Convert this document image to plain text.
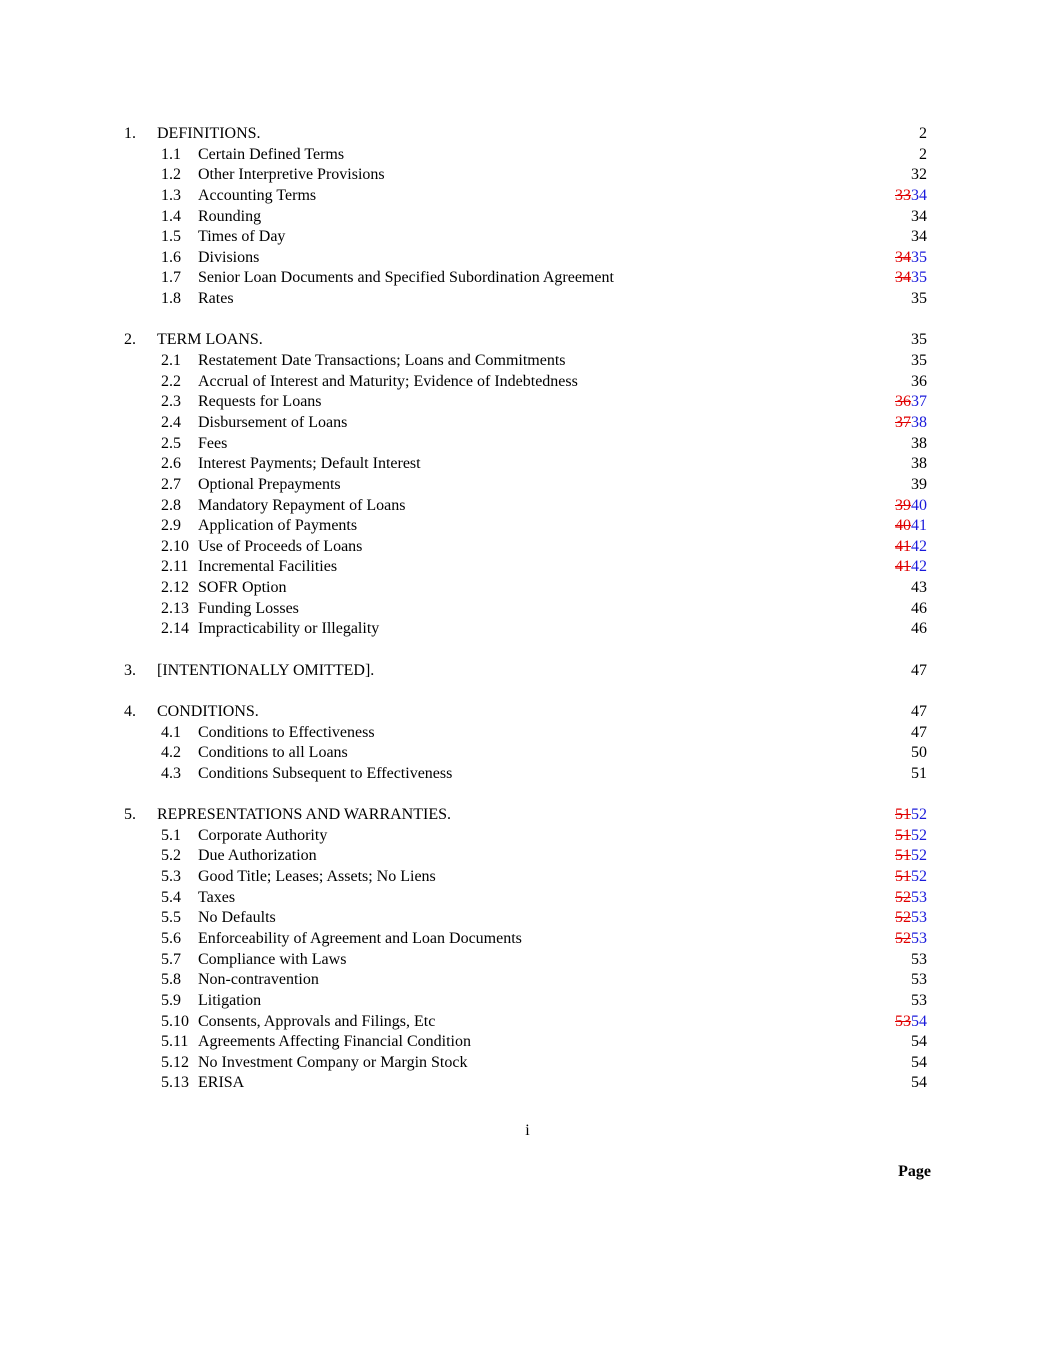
1. DEFINITIONS.	2
1.1 Certain Defined Terms	2
1.2 Other Interpretive Provisions	32
1.3 Accounting Terms	3334
1.4 Rounding	34
1.5 Times of Day	34
1.6 Divisions	3435
1.7 Senior Loan Documents and Specified Subordination Agreement	3435
1.8 Rates	35
2. TERM LOANS.	35
2.1 Restatement Date Transactions; Loans and Commitments	35
2.2 Accrual of Interest and Maturity; Evidence of Indebtedness	36
2.3 Requests for Loans	3637
2.4 Disbursement of Loans	3738
2.5 Fees	38
2.6 Interest Payments; Default Interest	38
2.7 Optional Prepayments	39
2.8 Mandatory Repayment of Loans	3940
2.9 Application of Payments	4041
2.10 Use of Proceeds of Loans	4142
2.11 Incremental Facilities	4142
2.12 SOFR Option	43
2.13 Funding Losses	46
2.14 Impracticability or Illegality	46
3. [INTENTIONALLY OMITTED].	47
4. CONDITIONS.	47
4.1 Conditions to Effectiveness	47
4.2 Conditions to all Loans	50
4.3 Conditions Subsequent to Effectiveness	51
5. REPRESENTATIONS AND WARRANTIES.	5152
5.1 Corporate Authority	5152
5.2 Due Authorization	5152
5.3 Good Title; Leases; Assets; No Liens	5152
5.4 Taxes	5253
5.5 No Defaults	5253
5.6 Enforceability of Agreement and Loan Documents	5253
5.7 Compliance with Laws	53
5.8 Non-contravention	53
5.9 Litigation	53
5.10 Consents, Approvals and Filings, Etc	5354
5.11 Agreements Affecting Financial Condition	54
5.12 No Investment Company or Margin Stock	54
5.13 ERISA	54
i
Page
